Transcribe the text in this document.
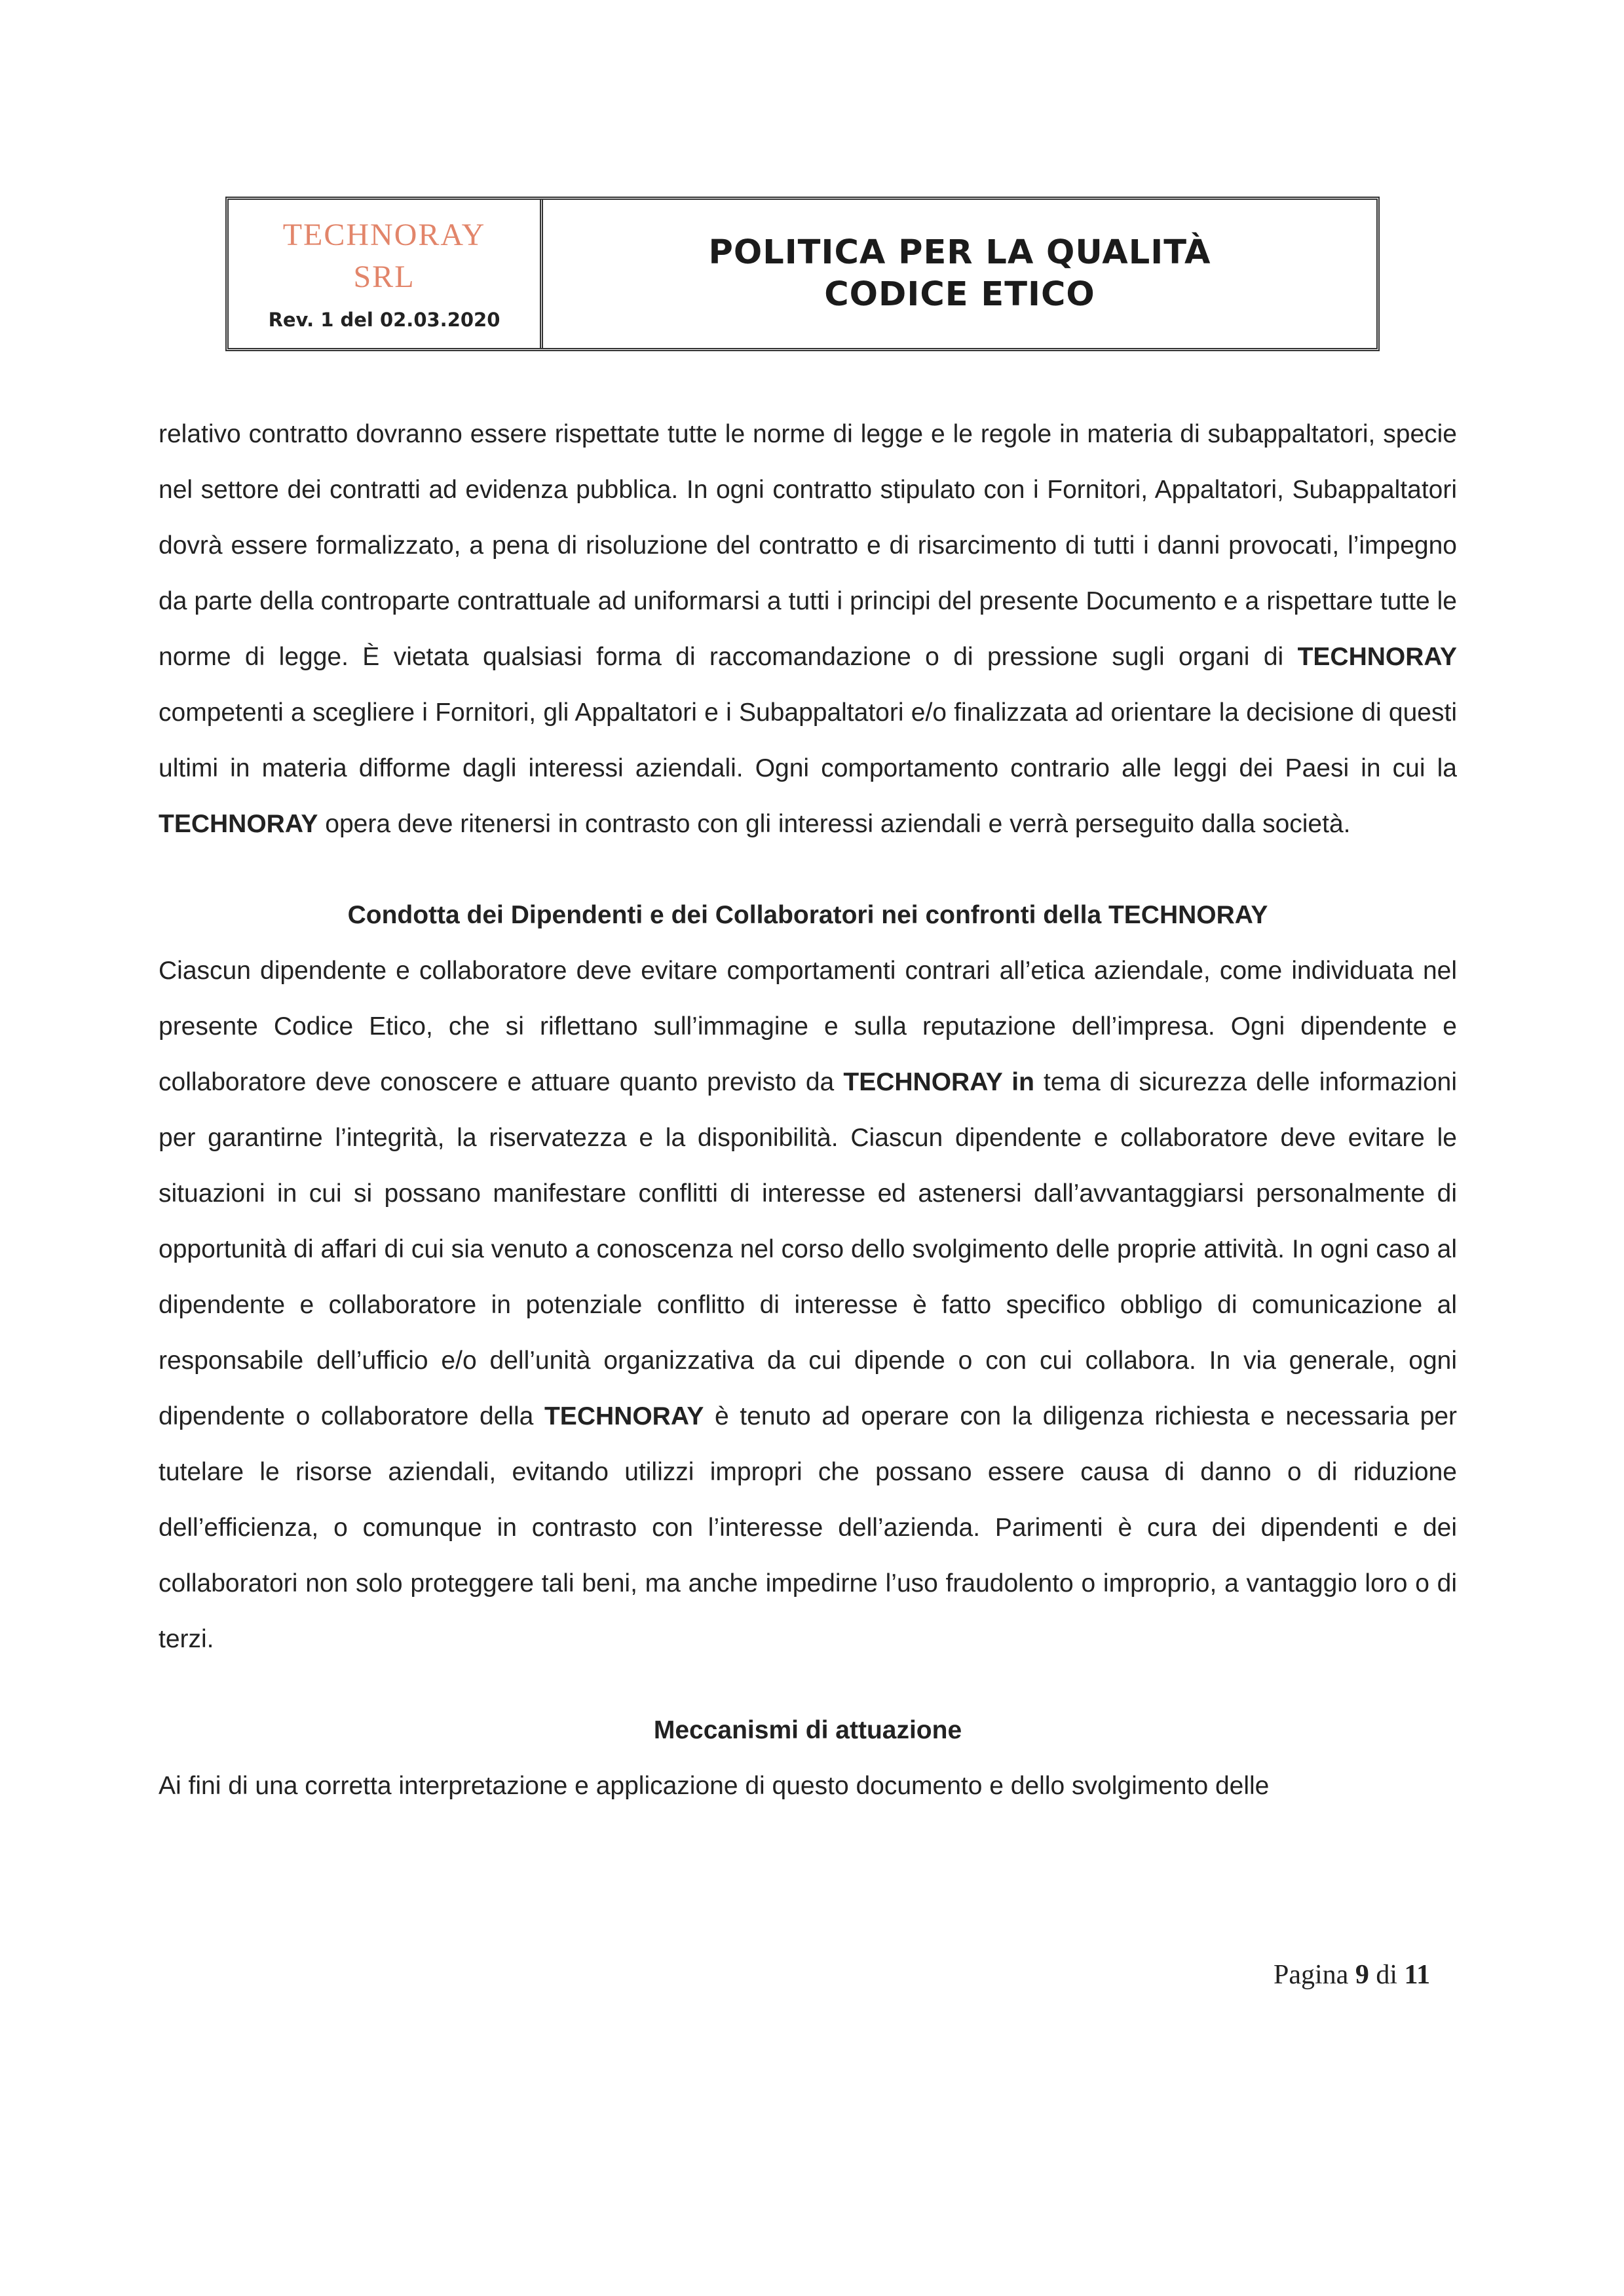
TECHNORAY
SRL
Rev. 1 del 02.03.2020
POLITICA PER LA QUALITÀ
CODICE ETICO

relativo contratto dovranno essere rispettate tutte le norme di legge e le regole in materia di subappaltatori, specie nel settore dei contratti ad evidenza pubblica. In ogni contratto stipulato con i Fornitori, Appaltatori, Subappaltatori dovrà essere formalizzato, a pena di risoluzione del contratto e di risarcimento di tutti i danni provocati, l’impegno da parte della controparte contrattuale ad uniformarsi a tutti i principi del presente Documento e a rispettare tutte le norme di legge. È vietata qualsiasi forma di raccomandazione o di pressione sugli organi di TECHNORAY competenti a scegliere i Fornitori, gli Appaltatori e i Subappaltatori e/o finalizzata ad orientare la decisione di questi ultimi in materia difforme dagli interessi aziendali. Ogni comportamento contrario alle leggi dei Paesi in cui la TECHNORAY opera deve ritenersi in contrasto con gli interessi aziendali e verrà perseguito dalla società.

Condotta dei Dipendenti e dei Collaboratori nei confronti della TECHNORAY

Ciascun dipendente e collaboratore deve evitare comportamenti contrari all’etica aziendale, come individuata nel presente Codice Etico, che si riflettano sull’immagine e sulla reputazione dell’impresa. Ogni dipendente e collaboratore deve conoscere e attuare quanto previsto da TECHNORAY in tema di sicurezza delle informazioni per garantirne l’integrità, la riservatezza e la disponibilità. Ciascun dipendente e collaboratore deve evitare le situazioni in cui si possano manifestare conflitti di interesse ed astenersi dall’avvantaggiarsi personalmente di opportunità di affari di cui sia venuto a conoscenza nel corso dello svolgimento delle proprie attività. In ogni caso al dipendente e collaboratore in potenziale conflitto di interesse è fatto specifico obbligo di comunicazione al responsabile dell’ufficio e/o dell’unità organizzativa da cui dipende o con cui collabora. In via generale, ogni dipendente o collaboratore della TECHNORAY è tenuto ad operare con la diligenza richiesta e necessaria per tutelare le risorse aziendali, evitando utilizzi impropri che possano essere causa di danno o di riduzione dell’efficienza, o comunque in contrasto con l’interesse dell’azienda. Parimenti è cura dei dipendenti e dei collaboratori non solo proteggere tali beni, ma anche impedirne l’uso fraudolento o improprio, a vantaggio loro o di terzi.

Meccanismi di attuazione

Ai fini di una corretta interpretazione e applicazione di questo documento e dello svolgimento delle

Pagina 9 di 11
